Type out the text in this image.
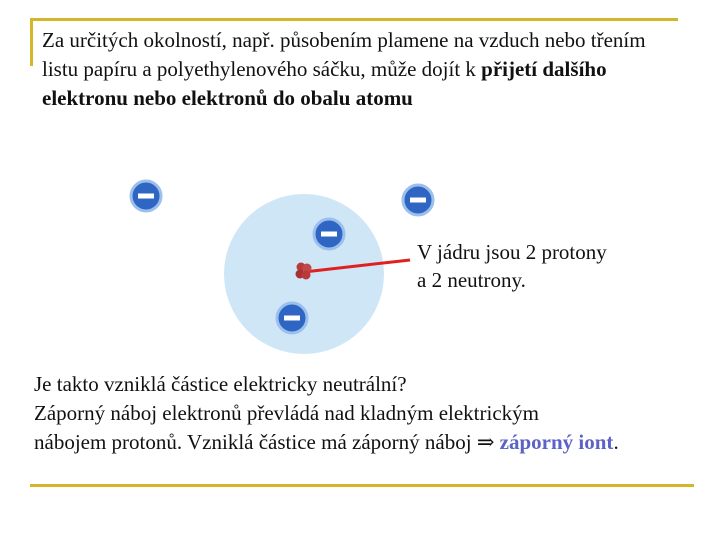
Za určitých okolností, např. působením plamene na vzduch nebo třením listu papíru a polyethylenového sáčku, může dojít k přijetí dalšího elektronu nebo elektronů do obalu atomu
V jádru jsou 2 protony
a 2 neutrony.
Je takto vzniklá částice elektricky neutrální?
Záporný náboj elektronů převládá nad kladným elektrickým
nábojem protonů. Vzniklá částice má záporný náboj ⇒ záporný iont.
